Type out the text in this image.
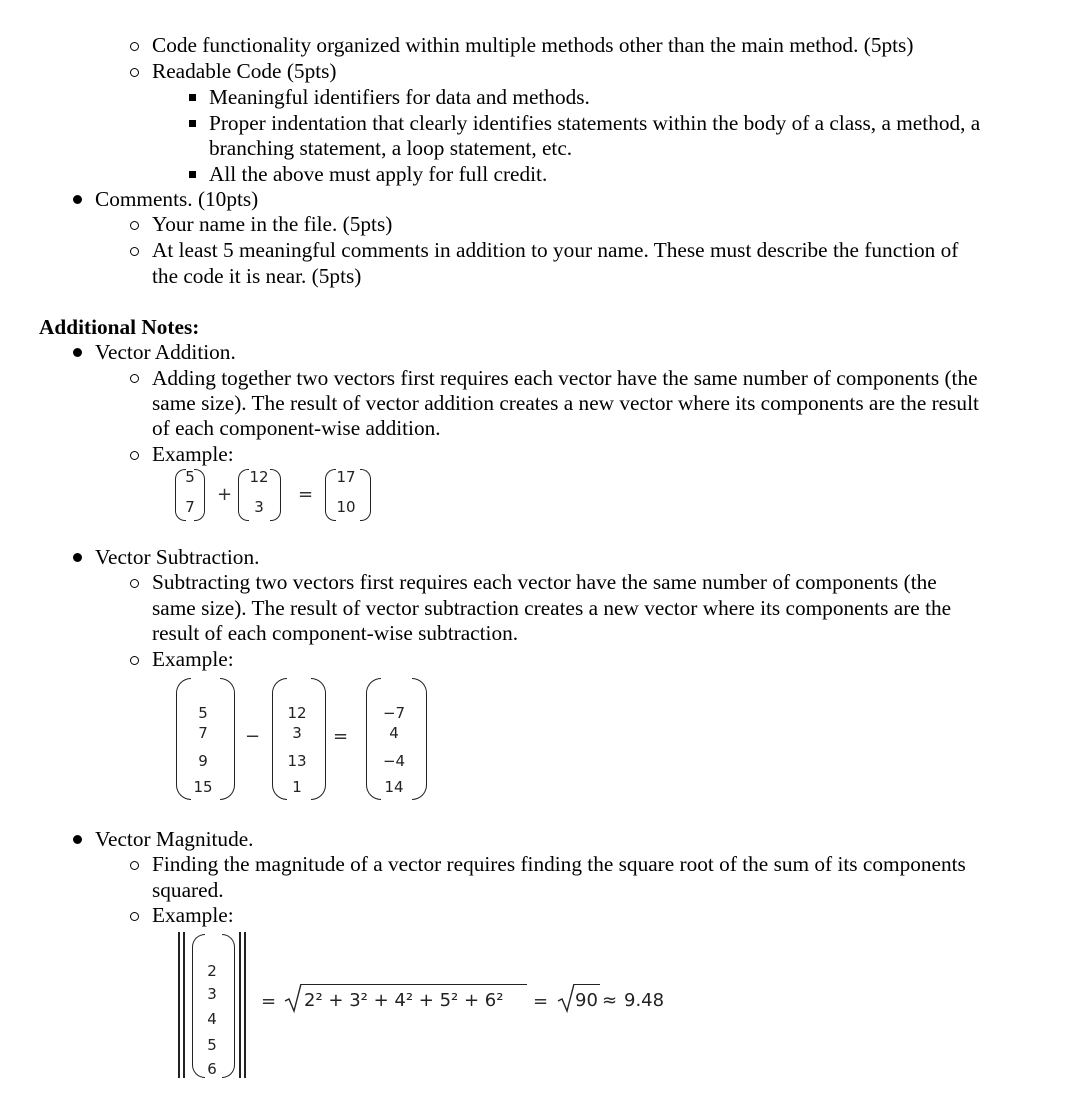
Code functionality organized within multiple methods other than the main method. (5pts)
Readable Code (5pts)
Meaningful identifiers for data and methods.
Proper indentation that clearly identifies statements within the body of a class, a method, a
branching statement, a loop statement, etc.
All the above must apply for full credit.
Comments. (10pts)
Your name in the file. (5pts)
At least 5 meaningful comments in addition to your name. These must describe the function of
the code it is near. (5pts)
Additional Notes:
Vector Addition.
Adding together two vectors first requires each vector have the same number of components (the
same size). The result of vector addition creates a new vector where its components are the result
of each component-wise addition.
Example:
5
7
+
12
3
=
17
10
Vector Subtraction.
Subtracting two vectors first requires each vector have the same number of components (the
same size). The result of vector subtraction creates a new vector where its components are the
result of each component-wise subtraction.
Example:
5
7
9
15
−
12
3
13
1
=
−7
4
−4
14
Vector Magnitude.
Finding the magnitude of a vector requires finding the square root of the sum of its components
squared.
Example:
2
3
4
5
6
= 2² + 3² + 4² + 5² + 6² = 90 ≈ 9.48
